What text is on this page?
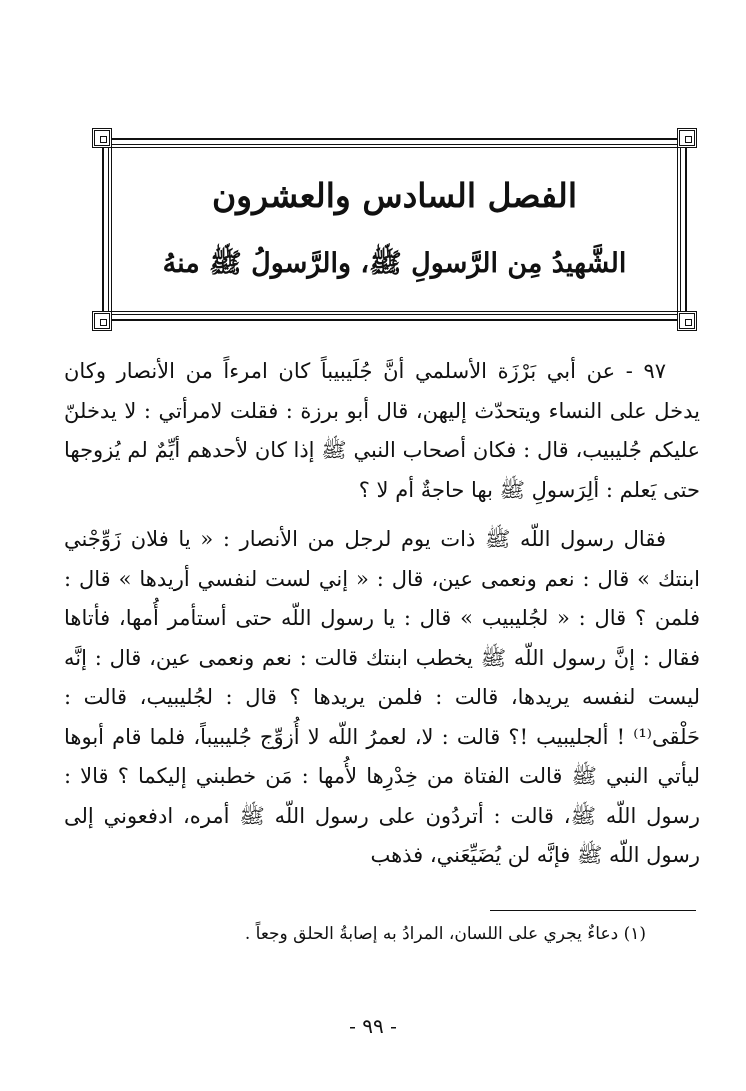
الفصل السادس والعشرون
الشَّهيدُ مِن الرَّسولِ ﷺ، والرَّسولُ ﷺ منهُ

٩٧ - عن أبي بَرْزَة الأسلمي أنَّ جُلَيبيباً كان امرءاً من الأنصار وكان يدخل على النساء ويتحدّث إليهن، قال أبو برزة : فقلت لامرأتي : لا يدخلنّ عليكم جُليبيب، قال : فكان أصحاب النبي ﷺ إذا كان لأحدهم أيِّمٌ لم يُزوجها حتى يَعلم : ألِرَسولِ ﷺ بها حاجةٌ أم لا ؟

فقال رسول اللّه ﷺ ذات يوم لرجل من الأنصار : « يا فلان زَوِّجْني ابنتك » قال : نعم ونعمى عين، قال : « إني لست لنفسي أريدها » قال : فلمن ؟ قال : « لجُليبيب » قال : يا رسول اللّه حتى أستأمر أُمها، فأتاها فقال : إنَّ رسول اللّه ﷺ يخطب ابنتك قالت : نعم ونعمى عين، قال : إنَّه ليست لنفسه يريدها، قالت : فلمن يريدها ؟ قال : لجُليبيب، قالت : حَلْقى⁽¹⁾ ! ألجليبيب !؟ قالت : لا، لعمرُ اللّه لا أُزوِّج جُليبيباً، فلما قام أبوها ليأتي النبي ﷺ قالت الفتاة من خِدْرِها لأُمها : مَن خطبني إليكما ؟ قالا : رسول اللّه ﷺ، قالت : أتردُون على رسول اللّه ﷺ أمره، ادفعوني إلى رسول اللّه ﷺ فإنَّه لن يُضَيِّعَني، فذهب

(١) دعاءٌ يجري على اللسان، المرادُ به إصابةُ الحلق وجعاً .
- ٩٩ -
